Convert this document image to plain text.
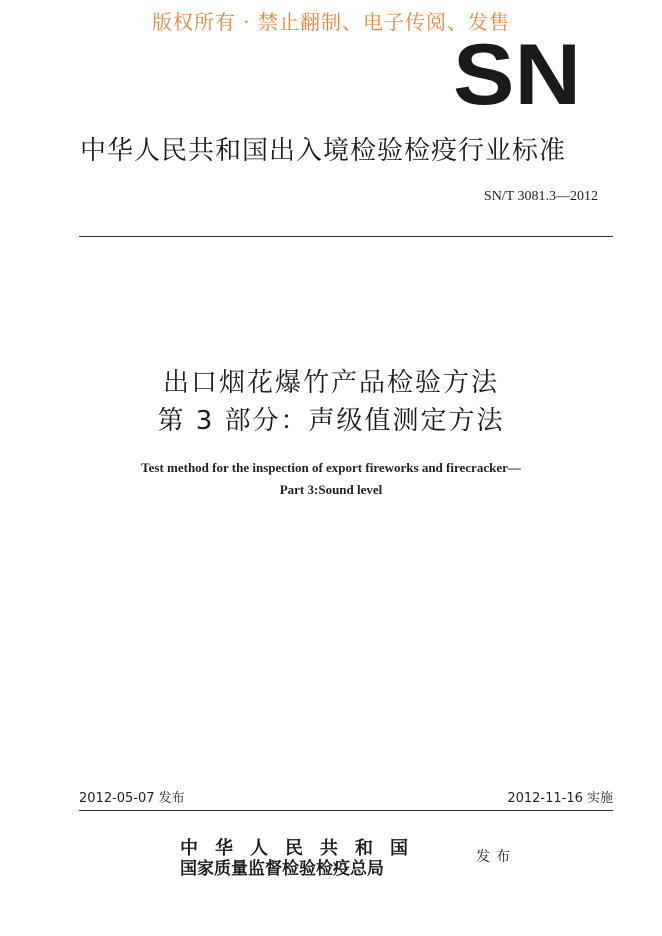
版权所有 · 禁止翻制、电子传阅、发售
SN
中华人民共和国出入境检验检疫行业标准
SN/T 3081.3—2012
出口烟花爆竹产品检验方法
第 3 部分：声级值测定方法
Test method for the inspection of export fireworks and firecracker—
Part 3:Sound level
2012-05-07 发布	2012-11-16 实施
中华人民共和国
国家质量监督检验检疫总局
发布
